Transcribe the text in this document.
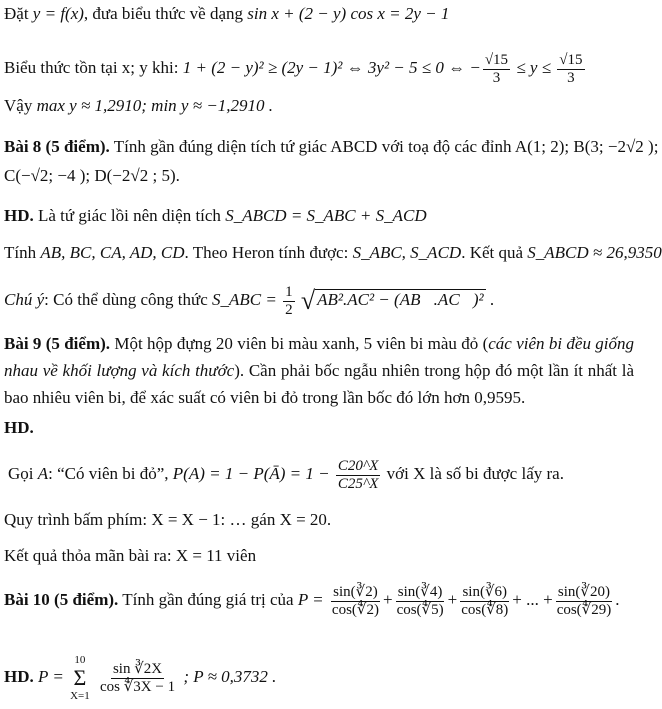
Đặt y = f(x), đưa biểu thức về dạng sin x + (2 − y) cos x = 2y − 1
Biểu thức tồn tại x; y khi: 1 + (2 − y)² ≥ (2y − 1)² ⇔ 3y² − 5 ≤ 0 ⇔ − $\frac{√15}{3} \le y \le \frac{√15}{3}$
Vậy max y ≈ 1,2910; min y ≈ −1,2910 .
Bài 8 (5 điểm). Tính gần đúng diện tích tứ giác ABCD với toạ độ các đỉnh A(1; 2); B(3; −2√2 );
C(−√2; −4 ); D(−2√2 ; 5).
HD. Là tứ giác lồi nên diện tích S_ABCD = S_ABC + S_ACD
Tính AB, BC, CA, AD, CD. Theo Heron tính được: S_ABC, S_ACD. Kết quả S_ABCD ≈ 26,9350
Chú ý: Có thể dùng công thức S_ABC = $\frac{1}{2}$ √ AB².AC² − (AB⃗.AC⃗)² .
Bài 9 (5 điểm). Một hộp đựng 20 viên bi màu xanh, 5 viên bi màu đỏ (các viên bi đều giống nhau về khối lượng và kích thước). Cần phải bốc ngẫu nhiên trong hộp đó một lần ít nhất là bao nhiêu viên bi, để xác suất có viên bi đỏ trong lần bốc đó lớn hơn 0,9595.
HD.
Gọi A: “Có viên bi đỏ”, P(A) = 1 − P(Ā) = $1 - \frac{C20\^{}X}{C25\^{}X}$ với X là số bi được lấy ra.
Quy trình bấm phím: X = X − 1: … gán X = 20.
Kết quả thỏa mãn bài ra: X = 11 viên
Bài 10 (5 điểm). Tính gần đúng giá trị của $P = \frac{\sin(∛2)}{\cos(∜2)} + \frac{\sin(∛4)}{\cos(∜5)} + \frac{\sin(∛6)}{\cos(∜8)}$ + ... + $\frac{\sin(∛20)}{\cos(∜29)}$ .
HD. P =
10
Σ
X=1

$\frac{\sin ∛2X}{\cos ∜3X - 1}$ ; P ≈ 0,3732 .
